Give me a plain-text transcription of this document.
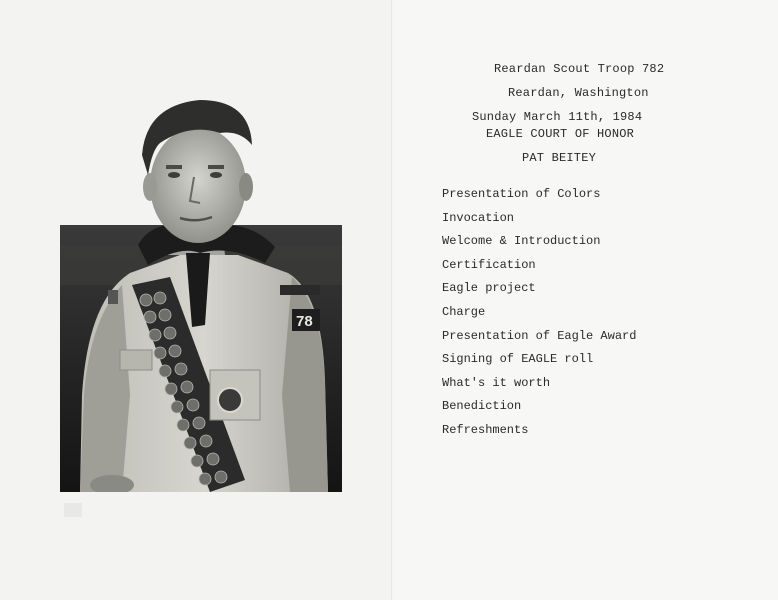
78
Reardan Scout Troop 782
Reardan, Washington
Sunday March 11th, 1984
EAGLE COURT OF HONOR
PAT BEITEY
Presentation of Colors
Invocation
Welcome & Introduction
Certification
Eagle project
Charge
Presentation of Eagle Award
Signing of EAGLE roll
What's it worth
Benediction
Refreshments
